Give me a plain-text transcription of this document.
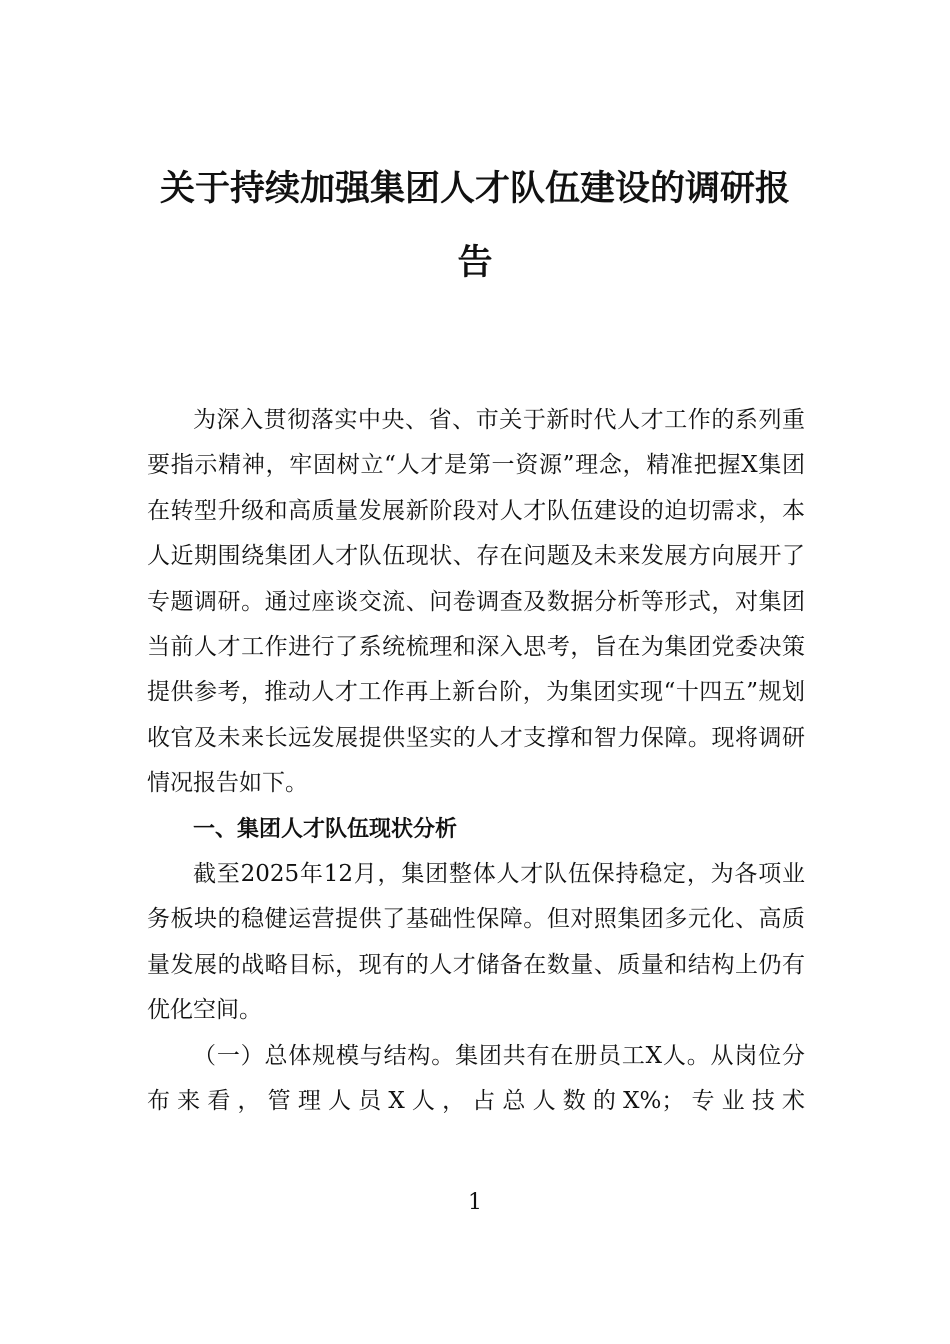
关于持续加强集团人才队伍建设的调研报
告

为深入贯彻落实中央、省、市关于新时代人才工作的系列重要指示精神，牢固树立“人才是第一资源”理念，精准把握X集团在转型升级和高质量发展新阶段对人才队伍建设的迫切需求，本人近期围绕集团人才队伍现状、存在问题及未来发展方向展开了专题调研。通过座谈交流、问卷调查及数据分析等形式，对集团当前人才工作进行了系统梳理和深入思考，旨在为集团党委决策提供参考，推动人才工作再上新台阶，为集团实现“十四五”规划收官及未来长远发展提供坚实的人才支撑和智力保障。现将调研情况报告如下。

一、集团人才队伍现状分析

截至2025年12月，集团整体人才队伍保持稳定，为各项业务板块的稳健运营提供了基础性保障。但对照集团多元化、高质量发展的战略目标，现有的人才储备在数量、质量和结构上仍有优化空间。

（一）总体规模与结构。集团共有在册员工X人。从岗位分布来看，管理人员X人，占总人数的X%；专业技术

1
